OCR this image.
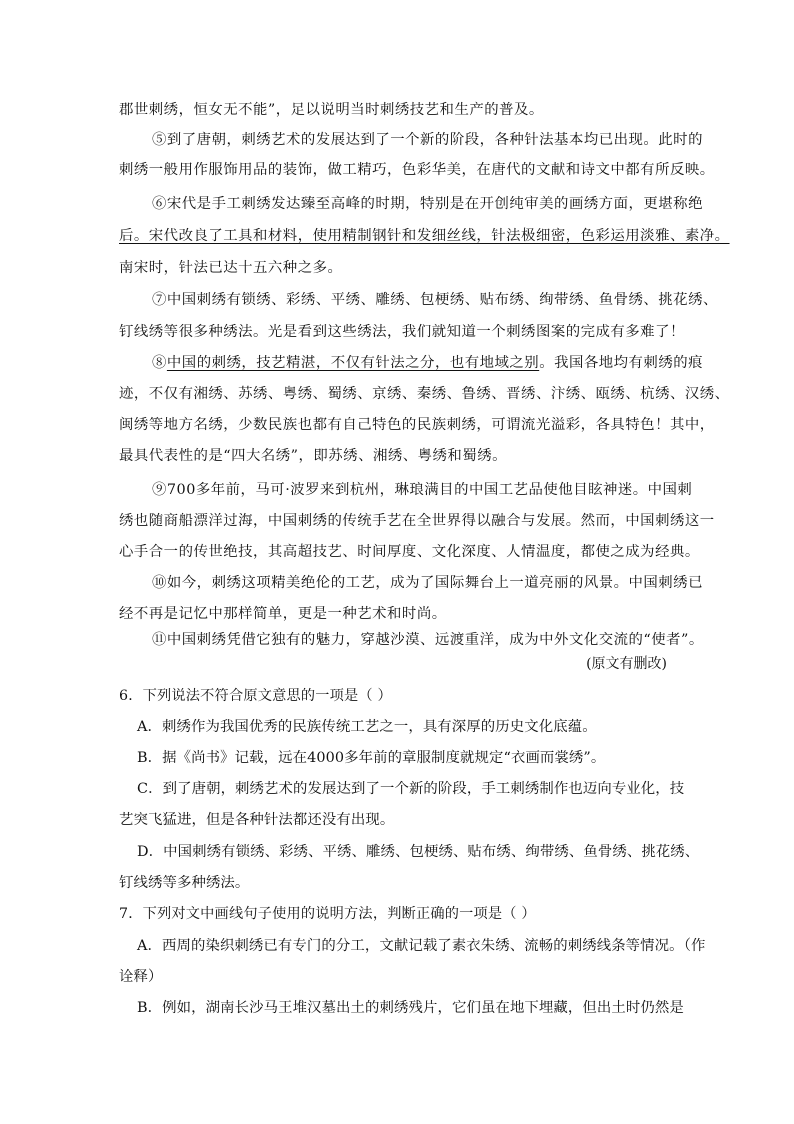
郡世刺绣，恒女无不能”，足以说明当时刺绣技艺和生产的普及。
⑤到了唐朝，刺绣艺术的发展达到了一个新的阶段，各种针法基本均已出现。此时的
刺绣一般用作服饰用品的装饰，做工精巧，色彩华美，在唐代的文献和诗文中都有所反映。
⑥宋代是手工刺绣发达臻至高峰的时期，特别是在开创纯审美的画绣方面，更堪称绝
后。宋代改良了工具和材料，使用精制钢针和发细丝线，针法极细密，色彩运用淡雅、素净。
南宋时，针法已达十五六种之多。
⑦中国刺绣有锁绣、彩绣、平绣、雕绣、包梗绣、贴布绣、绚带绣、鱼骨绣、挑花绣、
钉线绣等很多种绣法。光是看到这些绣法，我们就知道一个刺绣图案的完成有多难了！
⑧中国的刺绣，技艺精湛，不仅有针法之分，也有地域之别。我国各地均有刺绣的痕
迹，不仅有湘绣、苏绣、粤绣、蜀绣、京绣、秦绣、鲁绣、晋绣、汴绣、瓯绣、杭绣、汉绣、
闽绣等地方名绣，少数民族也都有自己特色的民族刺绣，可谓流光溢彩，各具特色！其中，
最具代表性的是“四大名绣”，即苏绣、湘绣、粤绣和蜀绣。
⑨700多年前，马可·波罗来到杭州，琳琅满目的中国工艺品使他目眩神迷。中国刺
绣也随商船漂洋过海，中国刺绣的传统手艺在全世界得以融合与发展。然而，中国刺绣这一
心手合一的传世绝技，其高超技艺、时间厚度、文化深度、人情温度，都使之成为经典。
⑩如今，刺绣这项精美绝伦的工艺，成为了国际舞台上一道亮丽的风景。中国刺绣已
经不再是记忆中那样简单，更是一种艺术和时尚。
⑪中国刺绣凭借它独有的魅力，穿越沙漠、远渡重洋，成为中外文化交流的“使者”。
(原文有删改)
6．下列说法不符合原文意思的一项是（ ）
A．刺绣作为我国优秀的民族传统工艺之一，具有深厚的历史文化底蕴。
B．据《尚书》记载，远在4000多年前的章服制度就规定“衣画而裳绣”。
C．到了唐朝，刺绣艺术的发展达到了一个新的阶段，手工刺绣制作也迈向专业化，技
艺突飞猛进，但是各种针法都还没有出现。
D．中国刺绣有锁绣、彩绣、平绣、雕绣、包梗绣、贴布绣、绚带绣、鱼骨绣、挑花绣、
钉线绣等多种绣法。
7．下列对文中画线句子使用的说明方法，判断正确的一项是（ ）
A．西周的染织刺绣已有专门的分工，文献记载了素衣朱绣、流畅的刺绣线条等情况。（作
诠释）
B．例如，湖南长沙马王堆汉墓出土的刺绣残片，它们虽在地下埋藏，但出土时仍然是
